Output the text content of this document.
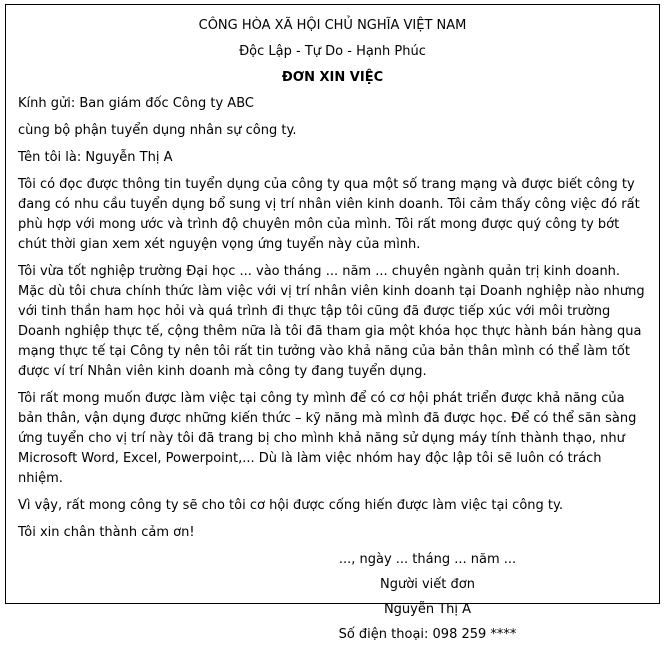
CÔNG HÒA XÃ HỘI CHỦ NGHĨA VIỆT NAM
Độc Lập - Tự Do - Hạnh Phúc
ĐƠN XIN VIỆC

Kính gửi: Ban giám đốc Công ty ABC

cùng bộ phận tuyển dụng nhân sự công ty.

Tên tôi là: Nguyễn Thị A

Tôi có đọc được thông tin tuyển dụng của công ty qua một số trang mạng và được biết công ty đang có nhu cầu tuyển dụng bổ sung vị trí nhân viên kinh doanh. Tôi cảm thấy công việc đó rất phù hợp với mong ước và trình độ chuyên môn của mình. Tôi rất mong được quý công ty bớt chút thời gian xem xét nguyện vọng ứng tuyển này của mình.

Tôi vừa tốt nghiệp trường Đại học ... vào tháng ... năm ... chuyên ngành quản trị kinh doanh. Mặc dù tôi chưa chính thức làm việc với vị trí nhân viên kinh doanh tại Doanh nghiệp nào nhưng với tinh thần ham học hỏi và quá trình đi thực tập tôi cũng đã được tiếp xúc với môi trường Doanh nghiệp thực tế, cộng thêm nữa là tôi đã tham gia một khóa học thực hành bán hàng qua mạng thực tế tại Công ty nên tôi rất tin tưởng vào khả năng của bản thân mình có thể làm tốt được ví trí Nhân viên kinh doanh mà công ty đang tuyển dụng.

Tôi rất mong muốn được làm việc tại công ty mình để có cơ hội phát triển được khả năng của bản thân, vận dụng được những kiến thức – kỹ năng mà mình đã được học. Để có thể săn sàng ứng tuyển cho vị trí này tôi đã trang bị cho mình khả năng sử dụng máy tính thành thạo, như Microsoft Word, Excel, Powerpoint,... Dù là làm việc nhóm hay độc lập tôi sẽ luôn có trách nhiệm.

Vì vậy, rất mong công ty sẽ cho tôi cơ hội được cống hiến được làm việc tại công ty.

Tôi xin chân thành cảm ơn!

..., ngày ... tháng ... năm ...

Người viết đơn

Nguyễn Thị A

Số điện thoại: 098 259 ****
